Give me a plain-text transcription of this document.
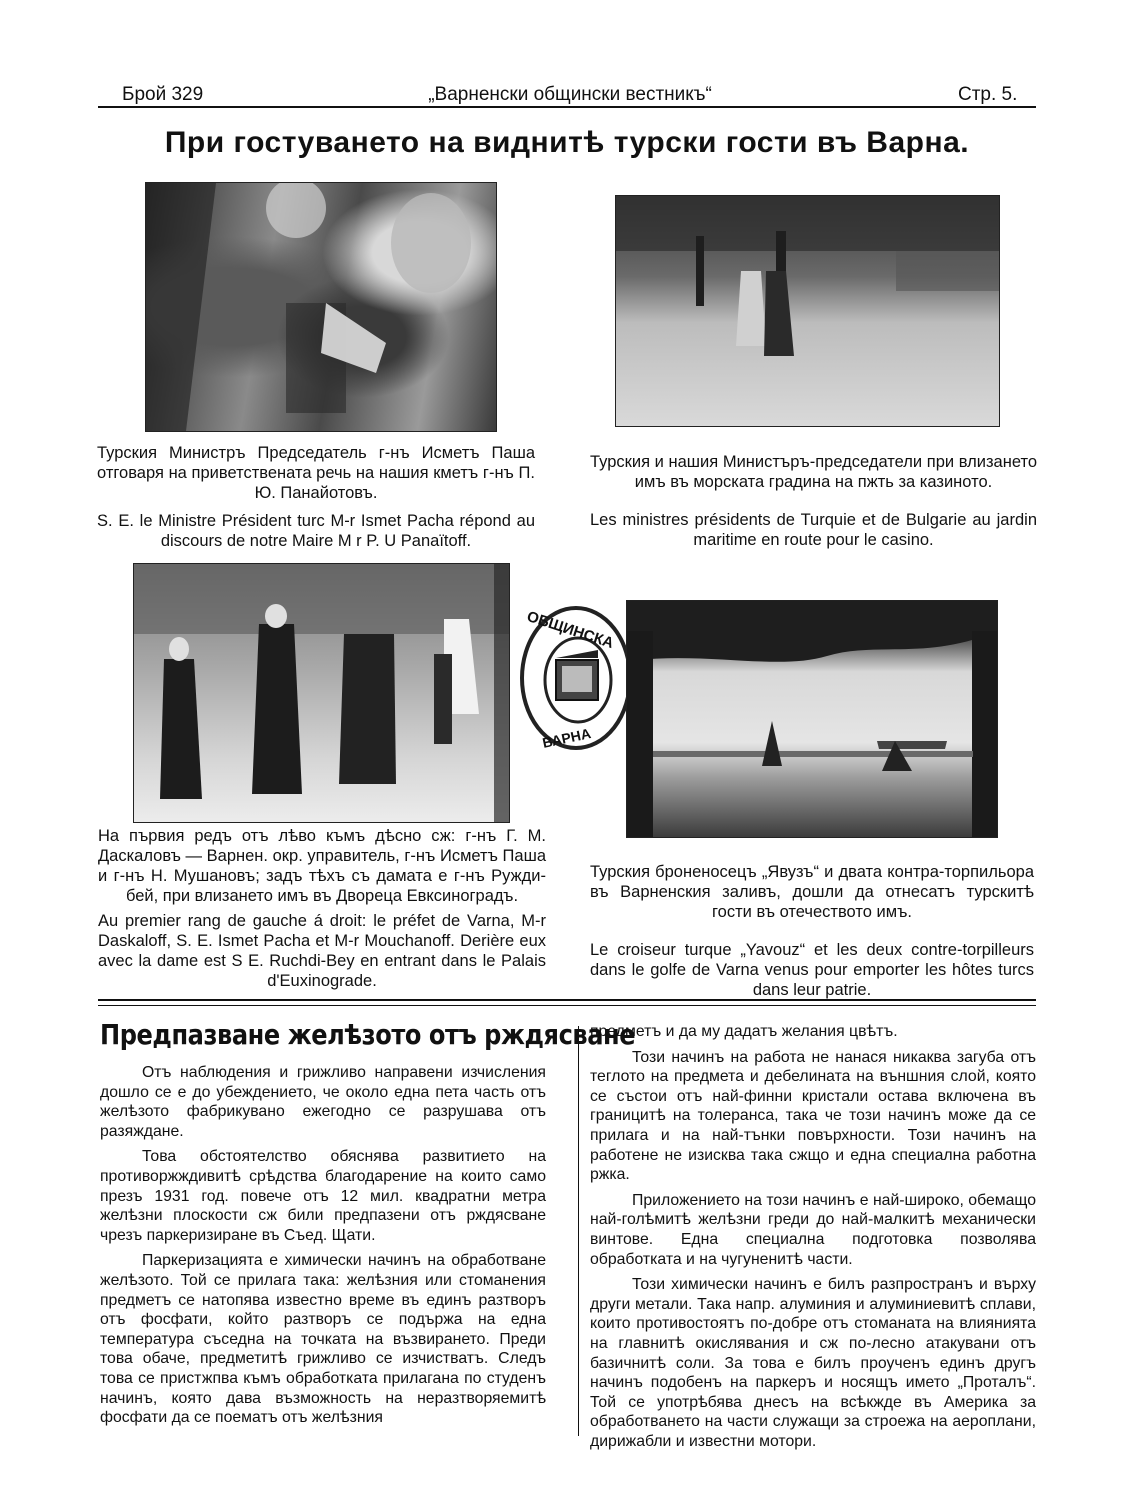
Брой 329	„Варненски общински вестникъ“	Стр. 5.
При гостуването на виднитѣ турски гости въ Варна.

Турския Министръ Председатель г-нъ Исметъ Паша отговаря на приветствената речь на нашия кметъ г-нъ П. Ю. Панайотовъ.

S. E. le Ministre Président turc M-r Ismet Pacha répond au discours de notre Maire M r P. U Panaïtoff.

Турския и нашия Министъръ-председатели при влизането имъ въ морската градина на пжть за казиното.

Les ministres présidents de Turquie et de Bulgarie au jardin maritime en route pour le casino.

ОБЩИНСКА
ВАРНА

На първия редъ отъ лѣво къмъ дѣсно сж: г-нъ Г. М. Даскаловъ — Варнен. окр. управитель, г-нъ Исметъ Паша и г-нъ Н. Мушановъ; задъ тѣхъ съ дамата е г-нъ Ружди-бей, при влизането имъ въ Двореца Евксиноградъ.

Au premier rang de gauche á droit: le préfet de Varna, M-r Daskaloff, S. E. Ismet Pacha et M-r Mouchanoff. Derière eux avec la dame est S E. Ruchdi-Bey en entrant dans le Palais d'Euxinograde.

Турския броненосецъ „Явузъ“ и двата контра-торпильора въ Варненския заливъ, дошли да отнесатъ турскитѣ гости въ отечеството имъ.

Le croiseur turque „Yavouz“ et les deux contre-torpilleurs dans le golfe de Varna venus pour emporter les hôtes turcs dans leur patrie.

Предпазване желѣзото отъ рждясване

Отъ наблюдения и грижливо направени изчисления дошло се е до убеждението, че около една пета часть отъ желѣзото фабрикувано ежегодно се разрушава отъ разяждане.

Това обстоятелство обяснява развитието на противоржждивитѣ срѣдства благодарение на които само презъ 1931 год. повече отъ 12 мил. квадратни метра желѣзни плоскости сж били предпазени отъ рждясване чрезъ паркеризиране въ Съед. Щати.

Паркеризацията е химически начинъ на обработване желѣзото. Той се прилага така: желѣзния или стоманения предметъ се натопява известно време въ единъ разтворъ отъ фосфати, който разтворъ се подържа на една температура съседна на точката на възвирането. Преди това обаче, предметитѣ грижливо се изчистватъ. Следъ това се пристжпва къмъ обработката прилагана по студенъ начинъ, която дава възможность на неразтворяемитѣ фосфати да се поематъ отъ желѣзния

предметъ и да му дадатъ желания цвѣтъ.

Този начинъ на работа не нанася никаква загуба отъ теглото на предмета и дебелината на външния слой, която се състои отъ най-финни кристали остава включена въ границитѣ на толеранса, така че този начинъ може да се прилага и на най-тънки повърхности. Този начинъ на работене не изисква така сжщо и една специална работна ржка.

Приложението на този начинъ е най-широко, обемащо най-голѣмитѣ желѣзни греди до най-малкитѣ механически винтове. Една специална подготовка позволява обработката и на чугуненитѣ части.

Този химически начинъ е билъ разпространъ и върху други метали. Така напр. алуминия и алуминиевитѣ сплави, които противостоятъ по-добре отъ стоманата на влиянията на главнитѣ окислявания и сж по-лесно атакувани отъ базичнитѣ соли. За това е билъ проученъ единъ другъ начинъ подобенъ на паркеръ и носящъ името „Проталъ“. Той се употрѣбява днесъ на всѣкжде въ Америка за обработването на части служащи за строежа на аероплани, дирижабли и известни мотори.
